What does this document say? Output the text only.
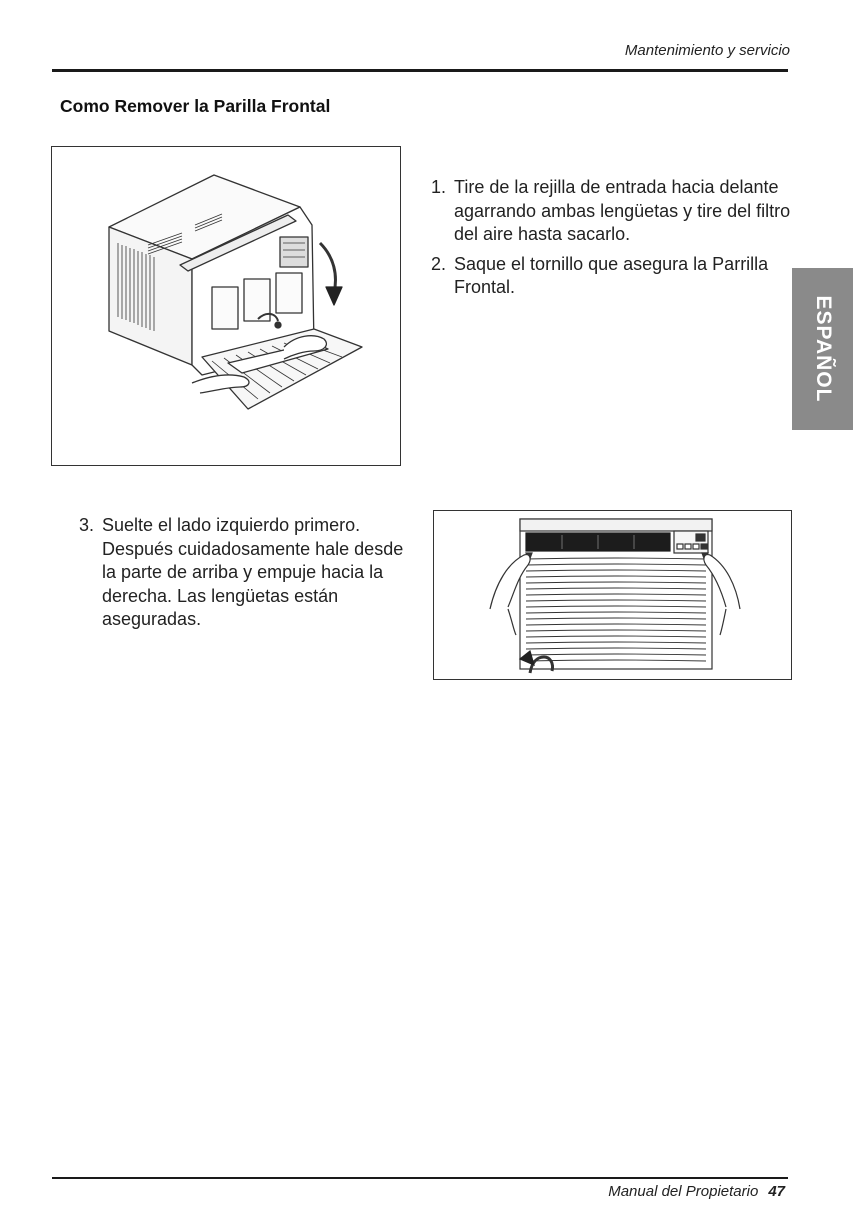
Mantenimiento y servicio
Como Remover la Parilla Frontal
1. Tire de la rejilla de entrada hacia delante agarrando ambas lengüetas y tire del filtro del aire hasta sacarlo.
2. Saque el tornillo que asegura la Parrilla Frontal.
ESPAÑOL
3. Suelte el lado izquierdo primero. Después cuidadosamente hale desde la parte de arriba y empuje hacia la derecha. Las lengüetas están aseguradas.
Manual del Propietario 47
